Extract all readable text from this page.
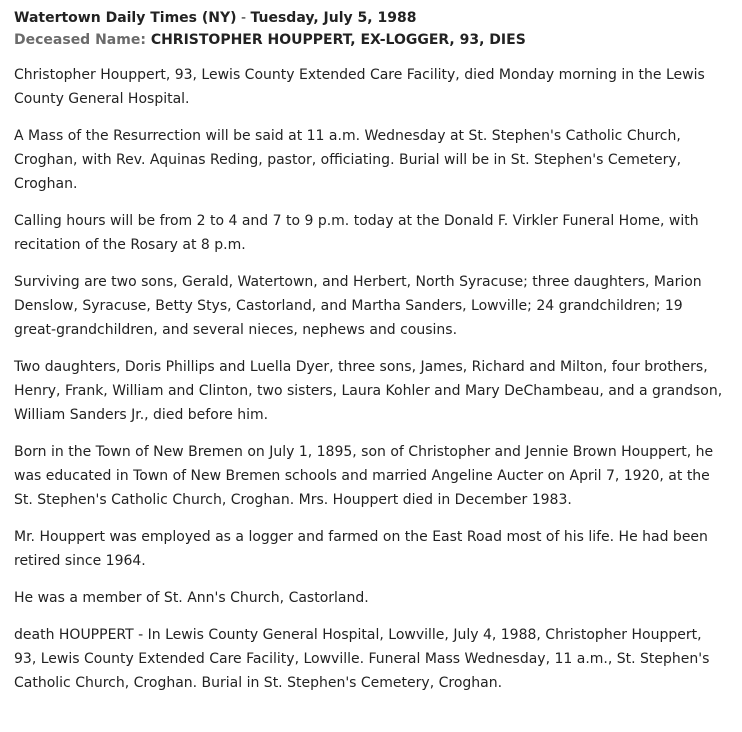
Watertown Daily Times (NY) - Tuesday, July 5, 1988
Deceased Name: CHRISTOPHER HOUPPERT, EX-LOGGER, 93, DIES

Christopher Houppert, 93, Lewis County Extended Care Facility, died Monday morning in the Lewis County General Hospital.

A Mass of the Resurrection will be said at 11 a.m. Wednesday at St. Stephen's Catholic Church, Croghan, with Rev. Aquinas Reding, pastor, officiating. Burial will be in St. Stephen's Cemetery, Croghan.

Calling hours will be from 2 to 4 and 7 to 9 p.m. today at the Donald F. Virkler Funeral Home, with recitation of the Rosary at 8 p.m.

Surviving are two sons, Gerald, Watertown, and Herbert, North Syracuse; three daughters, Marion Denslow, Syracuse, Betty Stys, Castorland, and Martha Sanders, Lowville; 24 grandchildren; 19 great-grandchildren, and several nieces, nephews and cousins.

Two daughters, Doris Phillips and Luella Dyer, three sons, James, Richard and Milton, four brothers, Henry, Frank, William and Clinton, two sisters, Laura Kohler and Mary DeChambeau, and a grandson, William Sanders Jr., died before him.

Born in the Town of New Bremen on July 1, 1895, son of Christopher and Jennie Brown Houppert, he was educated in Town of New Bremen schools and married Angeline Aucter on April 7, 1920, at the St. Stephen's Catholic Church, Croghan. Mrs. Houppert died in December 1983.

Mr. Houppert was employed as a logger and farmed on the East Road most of his life. He had been retired since 1964.

He was a member of St. Ann's Church, Castorland.

death HOUPPERT - In Lewis County General Hospital, Lowville, July 4, 1988, Christopher Houppert, 93, Lewis County Extended Care Facility, Lowville. Funeral Mass Wednesday, 11 a.m., St. Stephen's Catholic Church, Croghan. Burial in St. Stephen's Cemetery, Croghan.
